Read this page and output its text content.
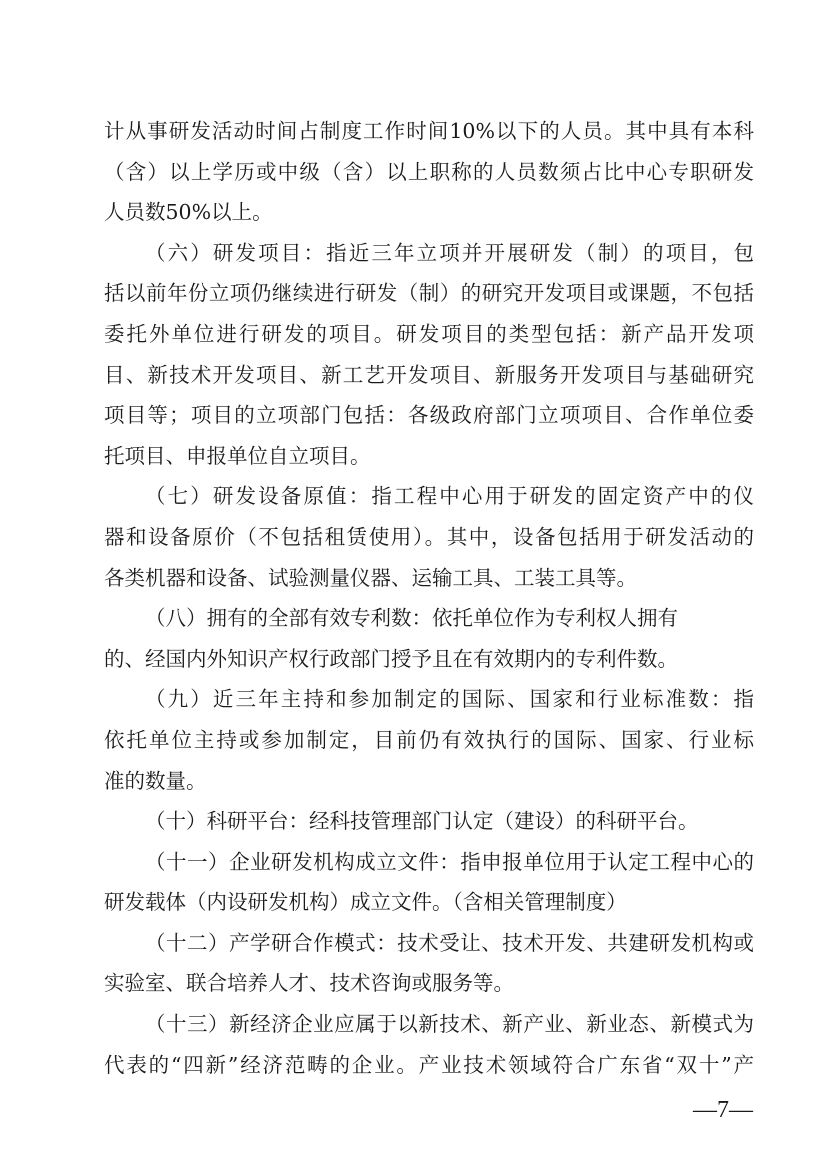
计从事研发活动时间占制度工作时间10%以下的人员。其中具有本科
（含）以上学历或中级（含）以上职称的人员数须占比中心专职研发
人员数50%以上。

（六）研发项目：指近三年立项并开展研发（制）的项目，包
括以前年份立项仍继续进行研发（制）的研究开发项目或课题，不包括
委托外单位进行研发的项目。研发项目的类型包括：新产品开发项
目、新技术开发项目、新工艺开发项目、新服务开发项目与基础研究
项目等；项目的立项部门包括：各级政府部门立项项目、合作单位委
托项目、申报单位自立项目。

（七）研发设备原值：指工程中心用于研发的固定资产中的仪
器和设备原价（不包括租赁使用）。其中，设备包括用于研发活动的
各类机器和设备、试验测量仪器、运输工具、工装工具等。

（八）拥有的全部有效专利数：依托单位作为专利权人拥有
的、经国内外知识产权行政部门授予且在有效期内的专利件数。

（九）近三年主持和参加制定的国际、国家和行业标准数：指
依托单位主持或参加制定，目前仍有效执行的国际、国家、行业标
准的数量。

（十）科研平台：经科技管理部门认定（建设）的科研平台。

（十一）企业研发机构成立文件：指申报单位用于认定工程中心的
研发载体（内设研发机构）成立文件。（含相关管理制度）

（十二）产学研合作模式：技术受让、技术开发、共建研发机构或
实验室、联合培养人才、技术咨询或服务等。

（十三）新经济企业应属于以新技术、新产业、新业态、新模式为
代表的“四新”经济范畴的企业。产业技术领域符合广东省“双十”产

—7—
